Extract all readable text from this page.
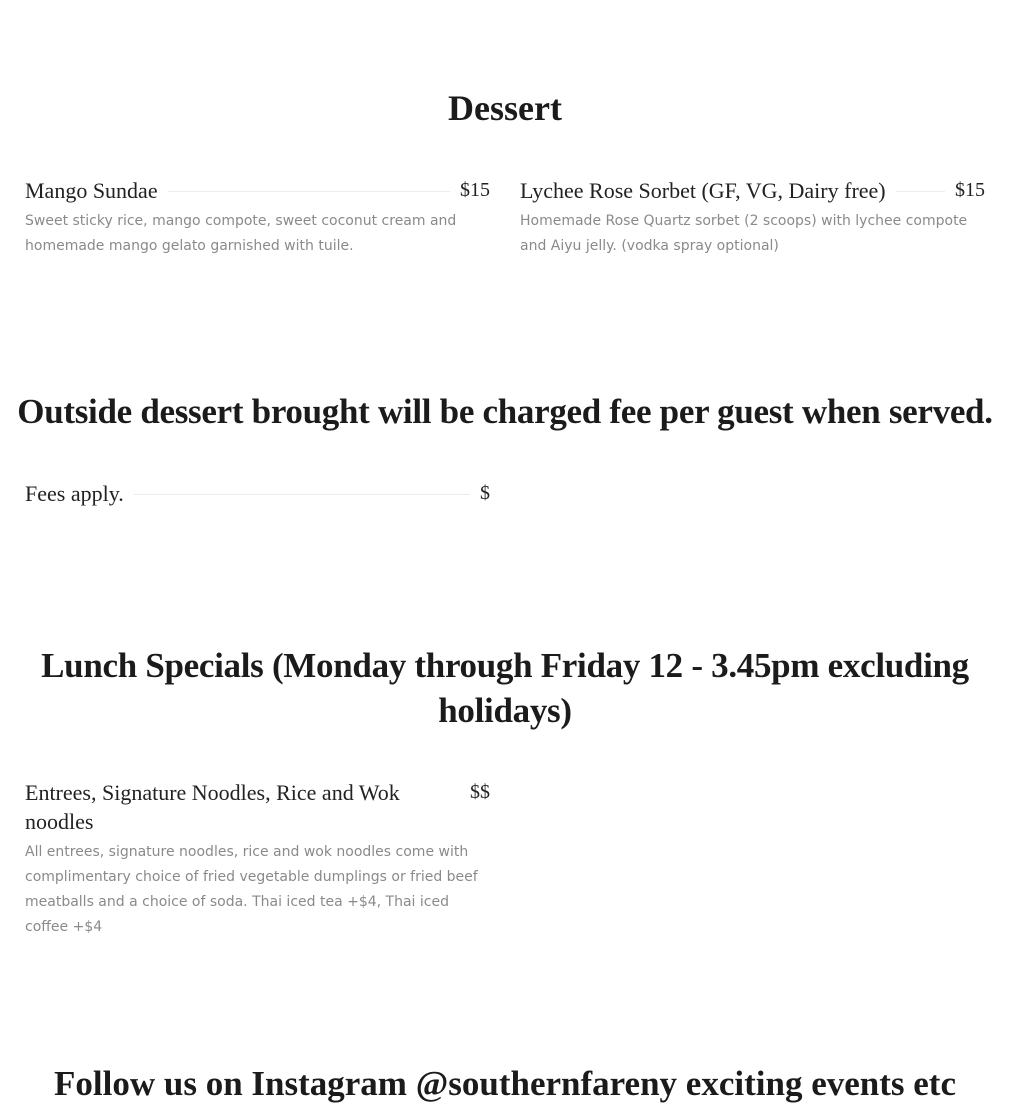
Dessert
Mango Sundae	$15
Sweet sticky rice, mango compote, sweet coconut cream and homemade mango gelato garnished with tuile.
Lychee Rose Sorbet (GF, VG, Dairy free)	$15
Homemade Rose Quartz sorbet (2 scoops) with lychee compote and Aiyu jelly. (vodka spray optional)
Outside dessert brought will be charged fee per guest when served.
Fees apply.	$
Lunch Specials (Monday through Friday 12 - 3.45pm excluding holidays)
Entrees, Signature Noodles, Rice and Wok noodles
$$
All entrees, signature noodles, rice and wok noodles come with complimentary choice of fried vegetable dumplings or fried beef meatballs and a choice of soda. Thai iced tea +$4, Thai iced coffee +$4
Follow us on Instagram @southernfareny exciting events etc
